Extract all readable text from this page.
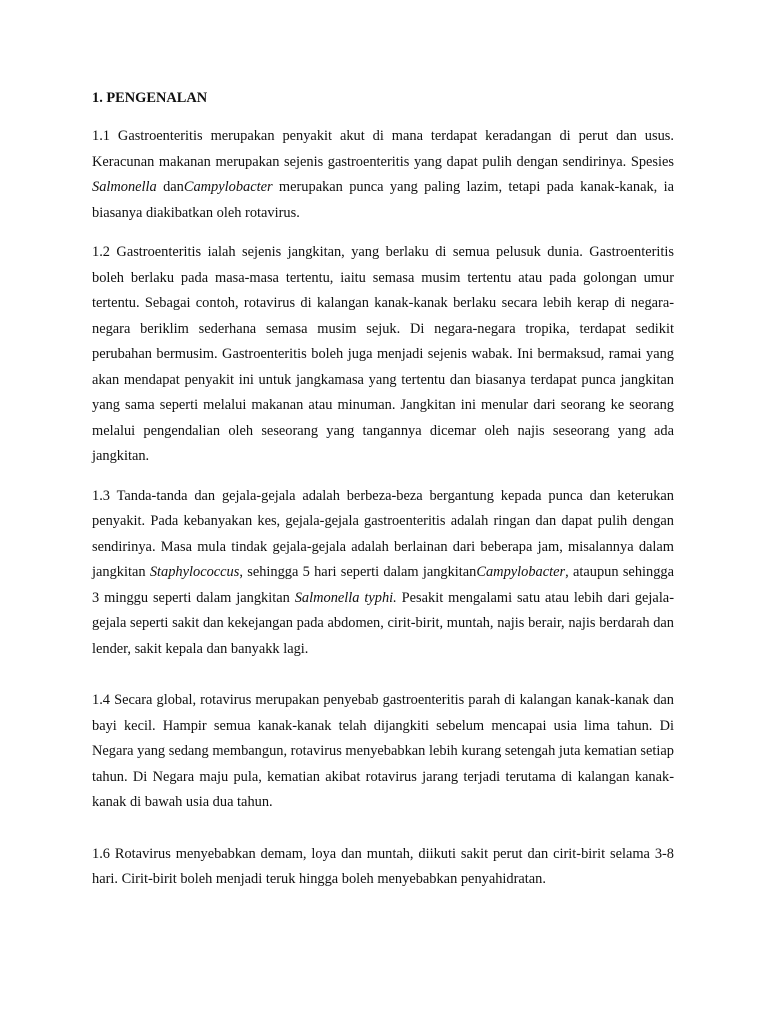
1. PENGENALAN

1.1 Gastroenteritis merupakan penyakit akut di mana terdapat keradangan di perut dan usus. Keracunan makanan merupakan sejenis gastroenteritis yang dapat pulih dengan sendirinya. Spesies Salmonella danCampylobacter merupakan punca yang paling lazim, tetapi pada kanak-kanak, ia biasanya diakibatkan oleh rotavirus.

1.2 Gastroenteritis ialah sejenis jangkitan, yang berlaku di semua pelusuk dunia. Gastroenteritis boleh berlaku pada masa-masa tertentu, iaitu semasa musim tertentu atau pada golongan umur tertentu. Sebagai contoh, rotavirus di kalangan kanak-kanak berlaku secara lebih kerap di negara-negara beriklim sederhana semasa musim sejuk. Di negara-negara tropika, terdapat sedikit perubahan bermusim. Gastroenteritis boleh juga menjadi sejenis wabak. Ini bermaksud, ramai yang akan mendapat penyakit ini untuk jangkamasa yang tertentu dan biasanya terdapat punca jangkitan yang sama seperti melalui makanan atau minuman. Jangkitan ini menular dari seorang ke seorang melalui pengendalian oleh seseorang yang tangannya dicemar oleh najis seseorang yang ada jangkitan.

1.3 Tanda-tanda dan gejala-gejala adalah berbeza-beza bergantung kepada punca dan keterukan penyakit. Pada kebanyakan kes, gejala-gejala gastroenteritis adalah ringan dan dapat pulih dengan sendirinya. Masa mula tindak gejala-gejala adalah berlainan dari beberapa jam, misalannya dalam jangkitan Staphylococcus, sehingga 5 hari seperti dalam jangkitanCampylobacter, ataupun sehingga 3 minggu seperti dalam jangkitan Salmonella typhi. Pesakit mengalami satu atau lebih dari gejala-gejala seperti sakit dan kekejangan pada abdomen, cirit-birit, muntah, najis berair, najis berdarah dan lender, sakit kepala dan banyakk lagi.

1.4 Secara global, rotavirus merupakan penyebab gastroenteritis parah di kalangan kanak-kanak dan bayi kecil. Hampir semua kanak-kanak telah dijangkiti sebelum mencapai usia lima tahun. Di Negara yang sedang membangun, rotavirus menyebabkan lebih kurang setengah juta kematian setiap tahun. Di Negara maju pula, kematian akibat rotavirus jarang terjadi terutama di kalangan kanak-kanak di bawah usia dua tahun.

1.6 Rotavirus menyebabkan demam, loya dan muntah, diikuti sakit perut dan cirit-birit selama 3-8 hari. Cirit-birit boleh menjadi teruk hingga boleh menyebabkan penyahidratan.
